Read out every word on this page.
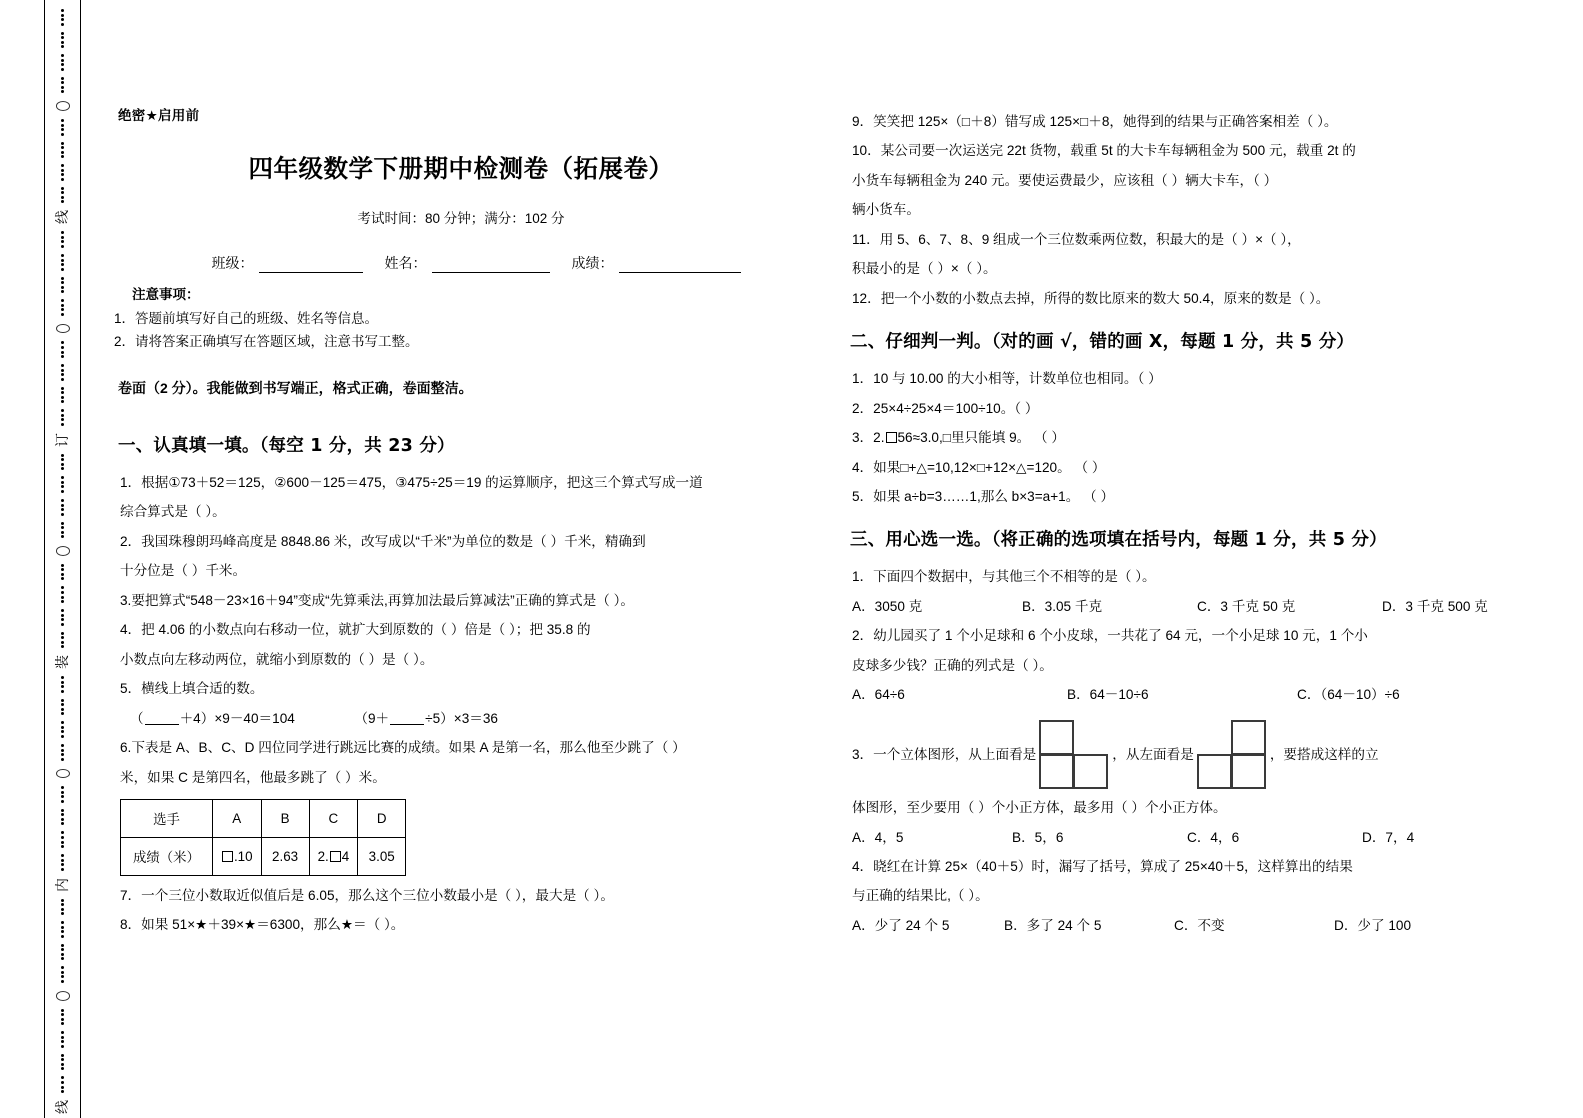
线
订
装
内
线
绝密★启用前
四年级数学下册期中检测卷（拓展卷）
考试时间：80 分钟；满分：102 分
班级：	姓名：	成绩：
注意事项：
1．答题前填写好自己的班级、姓名等信息。
2．请将答案正确填写在答题区域，注意书写工整。
卷面（2 分）。我能做到书写端正，格式正确，卷面整洁。
一、认真填一填。（每空 1 分，共 23 分）
1．根据①73＋52＝125，②600－125＝475，③475÷25＝19 的运算顺序，把这三个算式写成一道
综合算式是（ ）。
2．我国珠穆朗玛峰高度是 8848.86 米，改写成以“千米”为单位的数是（ ）千米，精确到
十分位是（ ）千米。
3.要把算式“548－23×16＋94”变成“先算乘法,再算加法最后算减法”正确的算式是（ ）。
4．把 4.06 的小数点向右移动一位，就扩大到原数的（ ）倍是（ ）；把 35.8 的
小数点向左移动两位，就缩小到原数的（ ）是（ ）。
5．横线上填合适的数。
（	＋4）×9－40＝104	（9＋	÷5）×3＝36
6.下表是 A、B、C、D 四位同学进行跳远比赛的成绩。如果 A 是第一名，那么他至少跳了（ ）
米，如果 C 是第四名，他最多跳了（ ）米。
选手	A	B	C	D
成绩（米）	.10	2.63	2. 4	3.05
7．一个三位小数取近似值后是 6.05，那么这个三位小数最小是（ ），最大是（ ）。
8．如果 51×★＋39×★＝6300，那么★＝（ ）。
9．笑笑把 125×（□＋8）错写成 125×□＋8，她得到的结果与正确答案相差（ ）。
10．某公司要一次运送完 22t 货物，载重 5t 的大卡车每辆租金为 500 元，载重 2t 的
小货车每辆租金为 240 元。要使运费最少，应该租（ ）辆大卡车，（ ）
辆小货车。
11．用 5、6、7、8、9 组成一个三位数乘两位数，积最大的是（ ）×（ ），
积最小的是（ ）×（ ）。
12．把一个小数的小数点去掉，所得的数比原来的数大 50.4，原来的数是（ ）。
二、仔细判一判。（对的画 √，错的画 X，每题 1 分，共 5 分）
1．10 与 10.00 的大小相等，计数单位也相同。（ ）
2．25×4÷25×4＝100÷10。（ ）
3．2. 56≈3.0,□里只能填 9。 （ ）
4．如果□+△=10,12×□+12×△=120。 （ ）
5．如果 a÷b=3……1,那么 b×3=a+1。 （ ）
三、用心选一选。（将正确的选项填在括号内，每题 1 分，共 5 分）
1．下面四个数据中，与其他三个不相等的是（ ）。
A．3050 克	B．3.05 千克	C．3 千克 50 克	D．3 千克 500 克
2．幼儿园买了 1 个小足球和 6 个小皮球，一共花了 64 元，一个小足球 10 元，1 个小
皮球多少钱？正确的列式是（ ）。
A．64÷6	B．64－10÷6	C．（64－10）÷6
3．一个立体图形，从上面看是	，从左面看是	，要搭成这样的立
体图形，至少要用（ ）个小正方体，最多用（ ）个小正方体。
A．4，5	B．5，6	C．4，6	D．7，4
4．晓红在计算 25×（40＋5）时，漏写了括号，算成了 25×40＋5，这样算出的结果
与正确的结果比,（ ）。
A．少了 24 个 5	B．多了 24 个 5	C．不变	D．少了 100
